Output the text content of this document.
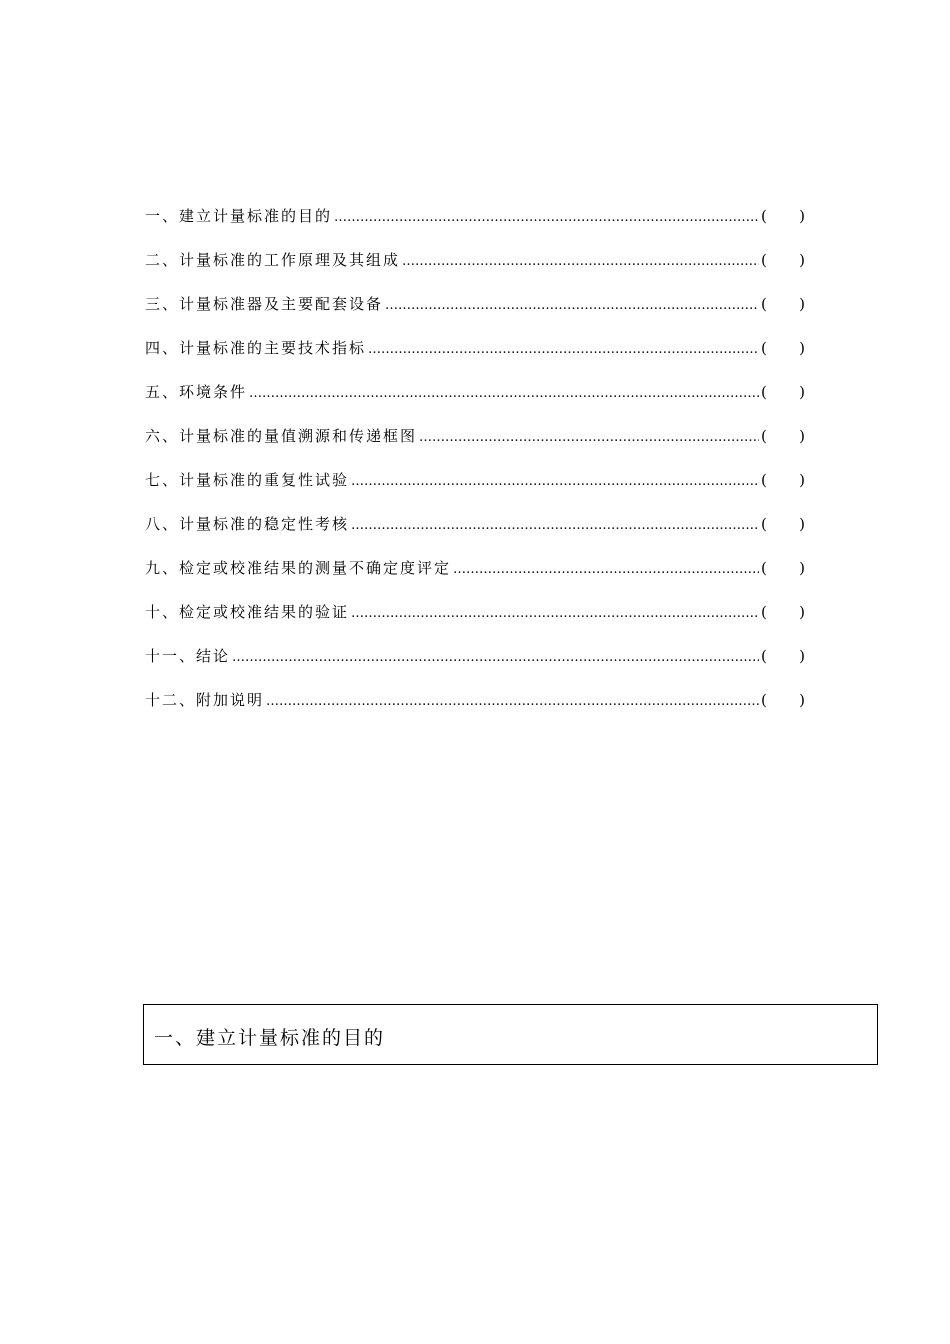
一、建立计量标准的目的 ……………………………………………………………………………………………………………………………………………………………………	( )
二、计量标准的工作原理及其组成 ……………………………………………………………………………………………………………………………………………………………………	( )
三、计量标准器及主要配套设备 ……………………………………………………………………………………………………………………………………………………………………	( )
四、计量标准的主要技术指标 ……………………………………………………………………………………………………………………………………………………………………	( )
五、环境条件 ……………………………………………………………………………………………………………………………………………………………………	( )
六、计量标准的量值溯源和传递框图 ……………………………………………………………………………………………………………………………………………………………………	( )
七、计量标准的重复性试验 ……………………………………………………………………………………………………………………………………………………………………	( )
八、计量标准的稳定性考核 ……………………………………………………………………………………………………………………………………………………………………	( )
九、检定或校准结果的测量不确定度评定 ……………………………………………………………………………………………………………………………………………………………………	( )
十、检定或校准结果的验证 ……………………………………………………………………………………………………………………………………………………………………	( )
十一、结论 ……………………………………………………………………………………………………………………………………………………………………	( )
十二、附加说明 ……………………………………………………………………………………………………………………………………………………………………	( )
一、建立计量标准的目的
